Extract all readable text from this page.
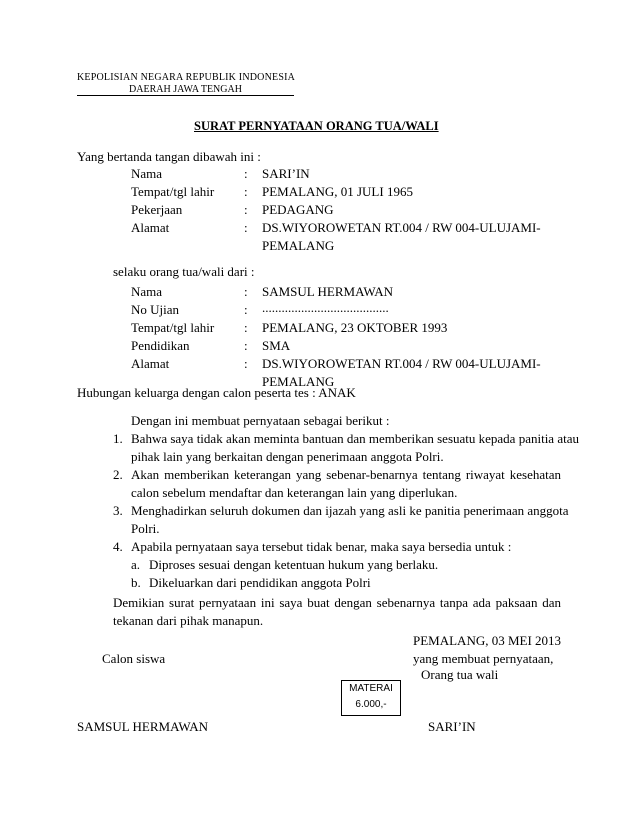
KEPOLISIAN NEGARA REPUBLIK INDONESIA
DAERAH JAWA TENGAH
SURAT PERNYATAAN ORANG TUA/WALI
Yang bertanda tangan dibawah ini :
Nama	: SARI’IN
Tempat/tgl lahir : PEMALANG, 01 JULI 1965
Pekerjaan	: PEDAGANG
Alamat	: DS.WIYOROWETAN RT.004 / RW 004-ULUJAMI-
PEMALANG
selaku orang tua/wali dari :
Nama	: SAMSUL HERMAWAN
No Ujian	: .......................................
Tempat/tgl lahir : PEMALANG, 23 OKTOBER 1993
Pendidikan	: SMA
Alamat	: DS.WIYOROWETAN RT.004 / RW 004-ULUJAMI-
PEMALANG
Hubungan keluarga dengan calon peserta tes : ANAK
Dengan ini membuat pernyataan sebagai berikut :
1. Bahwa saya tidak akan meminta bantuan dan memberikan sesuatu kepada panitia atau
pihak lain yang berkaitan dengan penerimaan anggota Polri.
2. Akan memberikan keterangan yang sebenar-benarnya tentang riwayat kesehatan
calon sebelum mendaftar dan keterangan lain yang diperlukan.
3. Menghadirkan seluruh dokumen dan ijazah yang asli ke panitia penerimaan anggota
Polri.
4. Apabila pernyataan saya tersebut tidak benar, maka saya bersedia untuk :
a. Diproses sesuai dengan ketentuan hukum yang berlaku.
b. Dikeluarkan dari pendidikan anggota Polri
Demikian surat pernyataan ini saya buat dengan sebenarnya tanpa ada paksaan dan
tekanan dari pihak manapun.
PEMALANG, 03 MEI 2013
Calon siswa	yang membuat pernyataan,
Orang tua wali
MATERAI
6.000,-
SAMSUL HERMAWAN	SARI’IN
